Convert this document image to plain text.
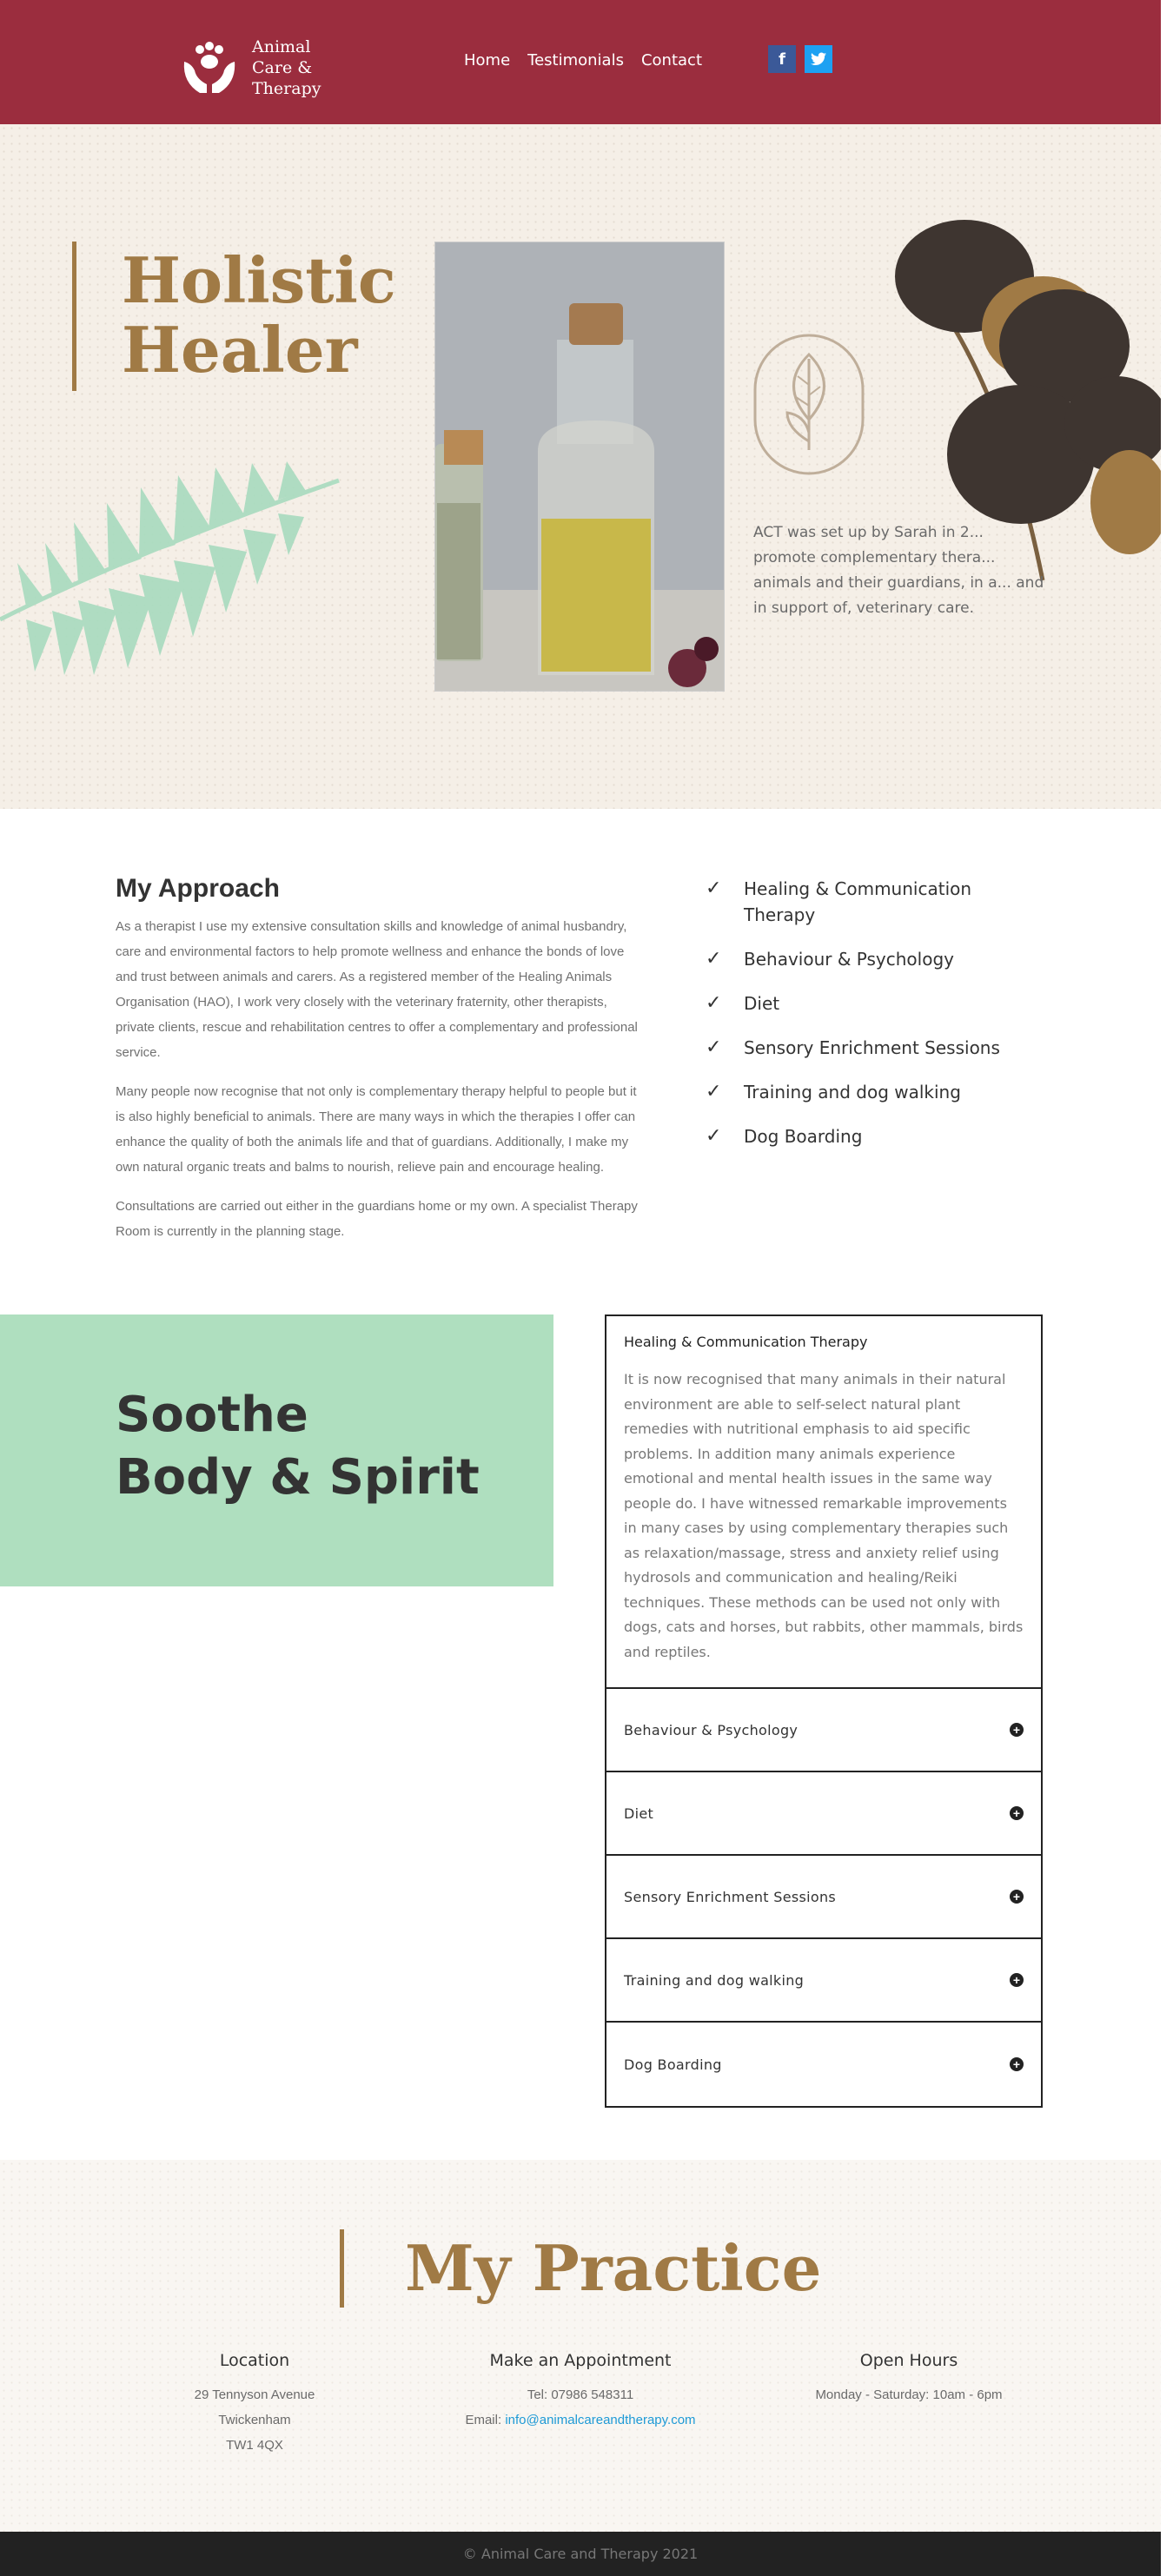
Animal
Care &
Therapy
Home Testimonials Contact	f
Holistic
Healer

ACT was set up by Sarah in 2... promote complementary thera... animals and their guardians, in a... and in support of, veterinary care.

My Approach

As a therapist I use my extensive consultation skills and knowledge of animal husbandry, care and environmental factors to help promote wellness and enhance the bonds of love and trust between animals and carers. As a registered member of the Healing Animals Organisation (HAO), I work very closely with the veterinary fraternity, other therapists, private clients, rescue and rehabilitation centres to offer a complementary and professional service.

Many people now recognise that not only is complementary therapy helpful to people but it is also highly beneficial to animals. There are many ways in which the therapies I offer can enhance the quality of both the animals life and that of guardians. Additionally, I make my own natural organic treats and balms to nourish, relieve pain and encourage healing.

Consultations are carried out either in the guardians home or my own. A specialist Therapy Room is currently in the planning stage.

✓	Healing & Communication Therapy
✓	Behaviour & Psychology
✓	Diet
✓	Sensory Enrichment Sessions
✓	Training and dog walking
✓	Dog Boarding
Soothe
Body & Spirit
Healing & Communication Therapy
It is now recognised that many animals in their natural environment are able to self-select natural plant remedies with nutritional emphasis to aid specific problems. In addition many animals experience emotional and mental health issues in the same way people do. I have witnessed remarkable improvements in many cases by using complementary therapies such as relaxation/massage, stress and anxiety relief using hydrosols and communication and healing/Reiki techniques. These methods can be used not only with dogs, cats and horses, but rabbits, other mammals, birds and reptiles.
Behaviour & Psychology	+
Diet	+
Sensory Enrichment Sessions	+
Training and dog walking	+
Dog Boarding	+
My Practice
Location

29 Tennyson Avenue

Twickenham

TW1 4QX

Make an Appointment

Tel: 07986 548311

Email: info@animalcareandtherapy.com

Open Hours

Monday - Saturday: 10am - 6pm

© Animal Care and Therapy 2021
